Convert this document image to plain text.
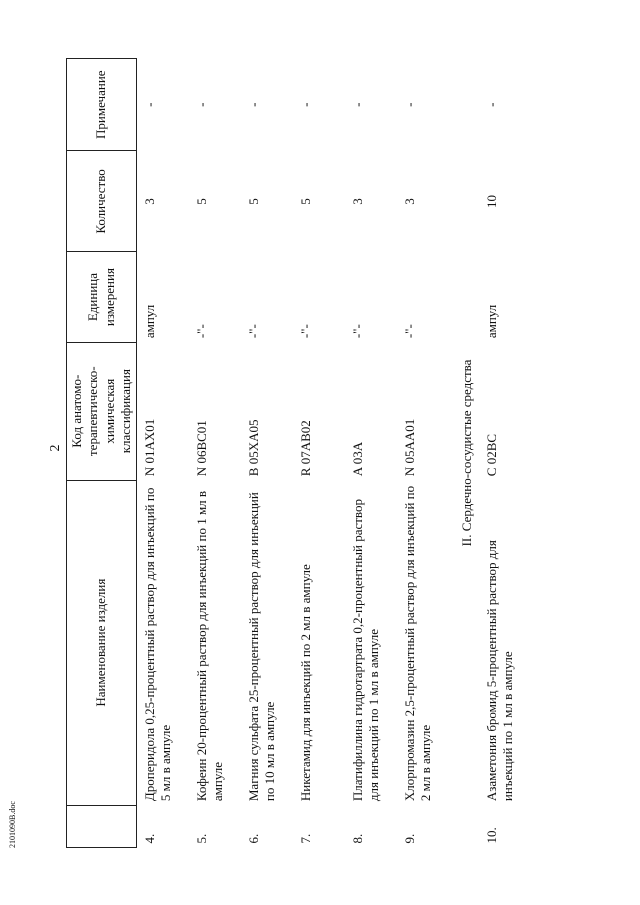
2
	Наименование изделия	Код анатомо-терапевтическо-химическая классификация	Единица измерения	Количество	Примечание
4.	Дроперидола 0,25-процентный раствор для инъекций по 5 мл в ампуле	N 01AX01	ампул	3	-
5.	Кофеин 20-процентный раствор для инъекций по 1 мл в ампуле	N 06BC01	-"-	5	-
6.	Магния сульфата 25-процентный раствор для инъекций по 10 мл в ампуле	B 05XA05	-"-	5	-
7.	Никетамид для инъекций по 2 мл в ампуле	R 07AB02	-"-	5	-
8.	Платифиллина гидротартрата 0,2-процентный раствор для инъекций по 1 мл в ампуле	A 03A	-"-	3	-
9.	Хлорпромазин 2,5-процентный раствор для инъекций по 2 мл в ампуле	N 05AA01	-"-	3	-
II. Сердечно-сосудистые средства					
10.	Азаметония бромид 5-процентный раствор для инъекций по 1 мл в ампуле	C 02BC	ампул	10	-
2101090В.doc
